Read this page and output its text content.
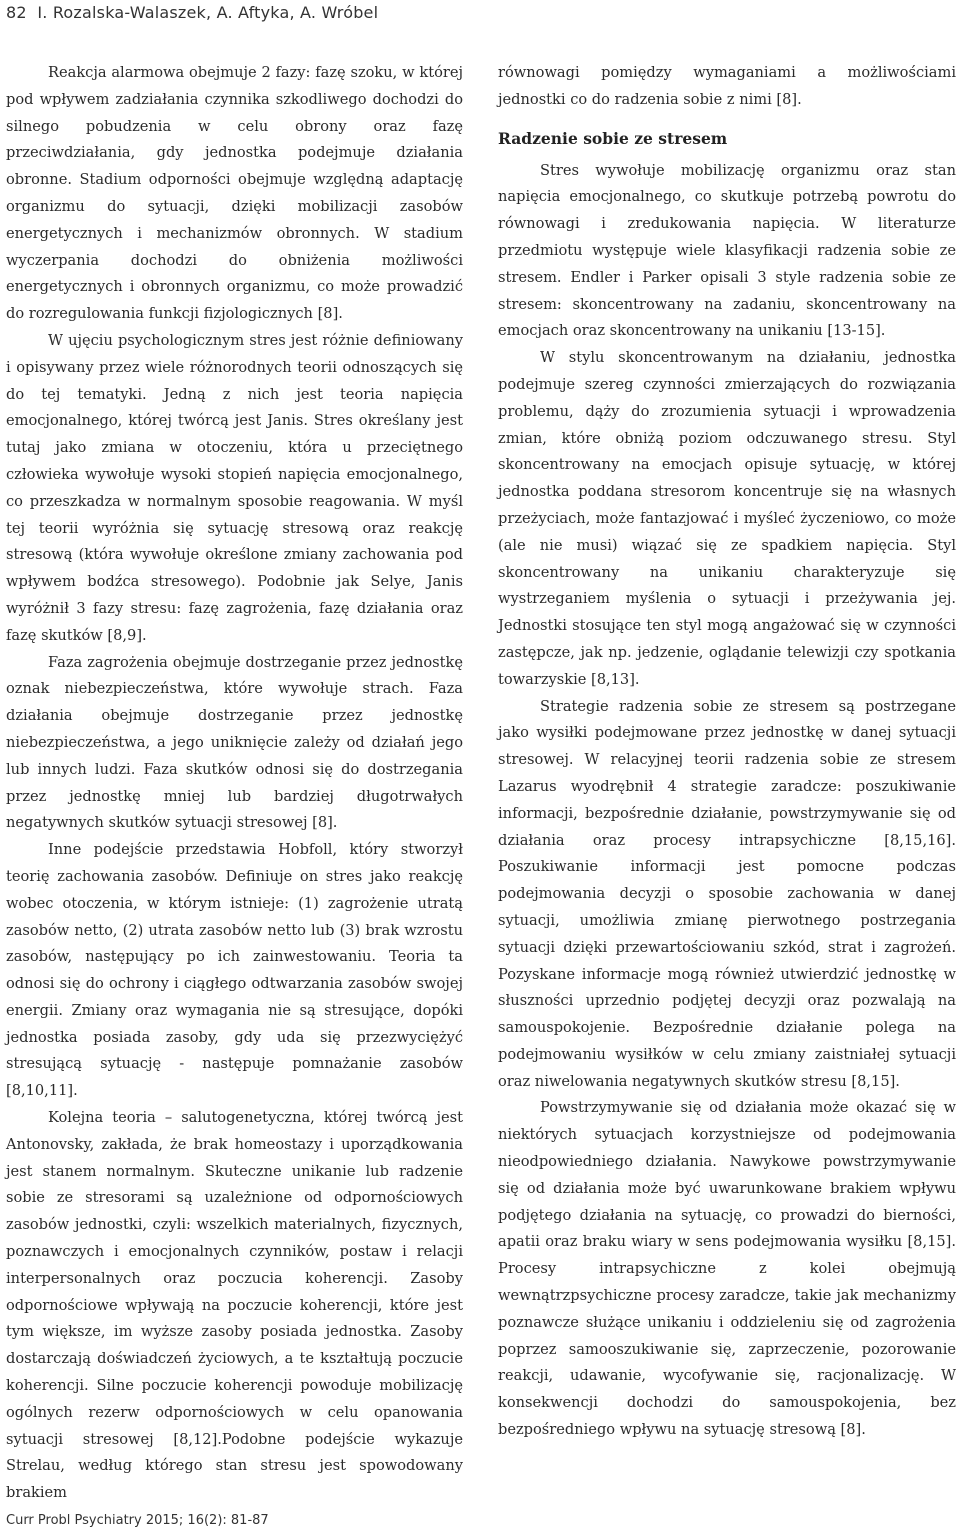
82 I. Rozalska-Walaszek, A. Aftyka, A. Wróbel

Reakcja alarmowa obejmuje 2 fazy: fazę szoku, w której pod wpływem zadziałania czynnika szkodliwego dochodzi do silnego pobudzenia w celu obrony oraz fazę przeciwdziałania, gdy jednostka podejmuje działania obronne. Stadium odporności obejmuje względną adaptację organizmu do sytuacji, dzięki mobilizacji zasobów energetycznych i mechanizmów obronnych. W stadium wyczerpania dochodzi do obniżenia możliwości energetycznych i obronnych organizmu, co może prowadzić do rozregulowania funkcji fizjologicznych [8].

W ujęciu psychologicznym stres jest różnie definiowany i opisywany przez wiele różnorodnych teorii odnoszących się do tej tematyki. Jedną z nich jest teoria napięcia emocjonalnego, której twórcą jest Janis. Stres określany jest tutaj jako zmiana w otoczeniu, która u przeciętnego człowieka wywołuje wysoki stopień napięcia emocjonalnego, co przeszkadza w normalnym sposobie reagowania. W myśl tej teorii wyróżnia się sytuację stresową oraz reakcję stresową (która wywołuje określone zmiany zachowania pod wpływem bodźca stresowego). Podobnie jak Selye, Janis wyróżnił 3 fazy stresu: fazę zagrożenia, fazę działania oraz fazę skutków [8,9].

Faza zagrożenia obejmuje dostrzeganie przez jednostkę oznak niebezpieczeństwa, które wywołuje strach. Faza działania obejmuje dostrzeganie przez jednostkę niebezpieczeństwa, a jego uniknięcie zależy od działań jego lub innych ludzi. Faza skutków odnosi się do dostrzegania przez jednostkę mniej lub bardziej długotrwałych negatywnych skutków sytuacji stresowej [8].

Inne podejście przedstawia Hobfoll, który stworzył teorię zachowania zasobów. Definiuje on stres jako reakcję wobec otoczenia, w którym istnieje: (1) zagrożenie utratą zasobów netto, (2) utrata zasobów netto lub (3) brak wzrostu zasobów, następujący po ich zainwestowaniu. Teoria ta odnosi się do ochrony i ciągłego odtwarzania zasobów swojej energii. Zmiany oraz wymagania nie są stresujące, dopóki jednostka posiada zasoby, gdy uda się przezwyciężyć stresującą sytuację - następuje pomnażanie zasobów [8,10,11].

Kolejna teoria – salutogenetyczna, której twórcą jest Antonovsky, zakłada, że brak homeostazy i uporządkowania jest stanem normalnym. Skuteczne unikanie lub radzenie sobie ze stresorami są uzależnione od odpornościowych zasobów jednostki, czyli: wszelkich materialnych, fizycznych, poznawczych i emocjonalnych czynników, postaw i relacji interpersonalnych oraz poczucia koherencji. Zasoby odpornościowe wpływają na poczucie koherencji, które jest tym większe, im wyższe zasoby posiada jednostka. Zasoby dostarczają doświadczeń życiowych, a te kształtują poczucie koherencji. Silne poczucie koherencji powoduje mobilizację ogólnych rezerw odpornościowych w celu opanowania sytuacji stresowej [8,12].Podobne podejście wykazuje Strelau, według którego stan stresu jest spowodowany brakiem

równowagi pomiędzy wymaganiami a możliwościami jednostki co do radzenia sobie z nimi [8].

Radzenie sobie ze stresem

Stres wywołuje mobilizację organizmu oraz stan napięcia emocjonalnego, co skutkuje potrzebą powrotu do równowagi i zredukowania napięcia. W literaturze przedmiotu występuje wiele klasyfikacji radzenia sobie ze stresem. Endler i Parker opisali 3 style radzenia sobie ze stresem: skoncentrowany na zadaniu, skoncentrowany na emocjach oraz skoncentrowany na unikaniu [13-15].

W stylu skoncentrowanym na działaniu, jednostka podejmuje szereg czynności zmierzających do rozwiązania problemu, dąży do zrozumienia sytuacji i wprowadzenia zmian, które obniżą poziom odczuwanego stresu. Styl skoncentrowany na emocjach opisuje sytuację, w której jednostka poddana stresorom koncentruje się na własnych przeżyciach, może fantazjować i myśleć życzeniowo, co może (ale nie musi) wiązać się ze spadkiem napięcia. Styl skoncentrowany na unikaniu charakteryzuje się wystrzeganiem myślenia o sytuacji i przeżywania jej. Jednostki stosujące ten styl mogą angażować się w czynności zastępcze, jak np. jedzenie, oglądanie telewizji czy spotkania towarzyskie [8,13].

Strategie radzenia sobie ze stresem są postrzegane jako wysiłki podejmowane przez jednostkę w danej sytuacji stresowej. W relacyjnej teorii radzenia sobie ze stresem Lazarus wyodrębnił 4 strategie zaradcze: poszukiwanie informacji, bezpośrednie działanie, powstrzymywanie się od działania oraz procesy intrapsychiczne [8,15,16]. Poszukiwanie informacji jest pomocne podczas podejmowania decyzji o sposobie zachowania w danej sytuacji, umożliwia zmianę pierwotnego postrzegania sytuacji dzięki przewartościowaniu szkód, strat i zagrożeń. Pozyskane informacje mogą również utwierdzić jednostkę w słuszności uprzednio podjętej decyzji oraz pozwalają na samouspokojenie. Bezpośrednie działanie polega na podejmowaniu wysiłków w celu zmiany zaistniałej sytuacji oraz niwelowania negatywnych skutków stresu [8,15].

Powstrzymywanie się od działania może okazać się w niektórych sytuacjach korzystniejsze od podejmowania nieodpowiedniego działania. Nawykowe powstrzymywanie się od działania może być uwarunkowane brakiem wpływu podjętego działania na sytuację, co prowadzi do bierności, apatii oraz braku wiary w sens podejmowania wysiłku [8,15]. Procesy intrapsychiczne z kolei obejmują wewnątrzpsychiczne procesy zaradcze, takie jak mechanizmy poznawcze służące unikaniu i oddzieleniu się od zagrożenia poprzez samooszukiwanie się, zaprzeczenie, pozorowanie reakcji, udawanie, wycofywanie się, racjonalizację. W konsekwencji dochodzi do samouspokojenia, bez bezpośredniego wpływu na sytuację stresową [8].

Curr Probl Psychiatry 2015; 16(2): 81-87
